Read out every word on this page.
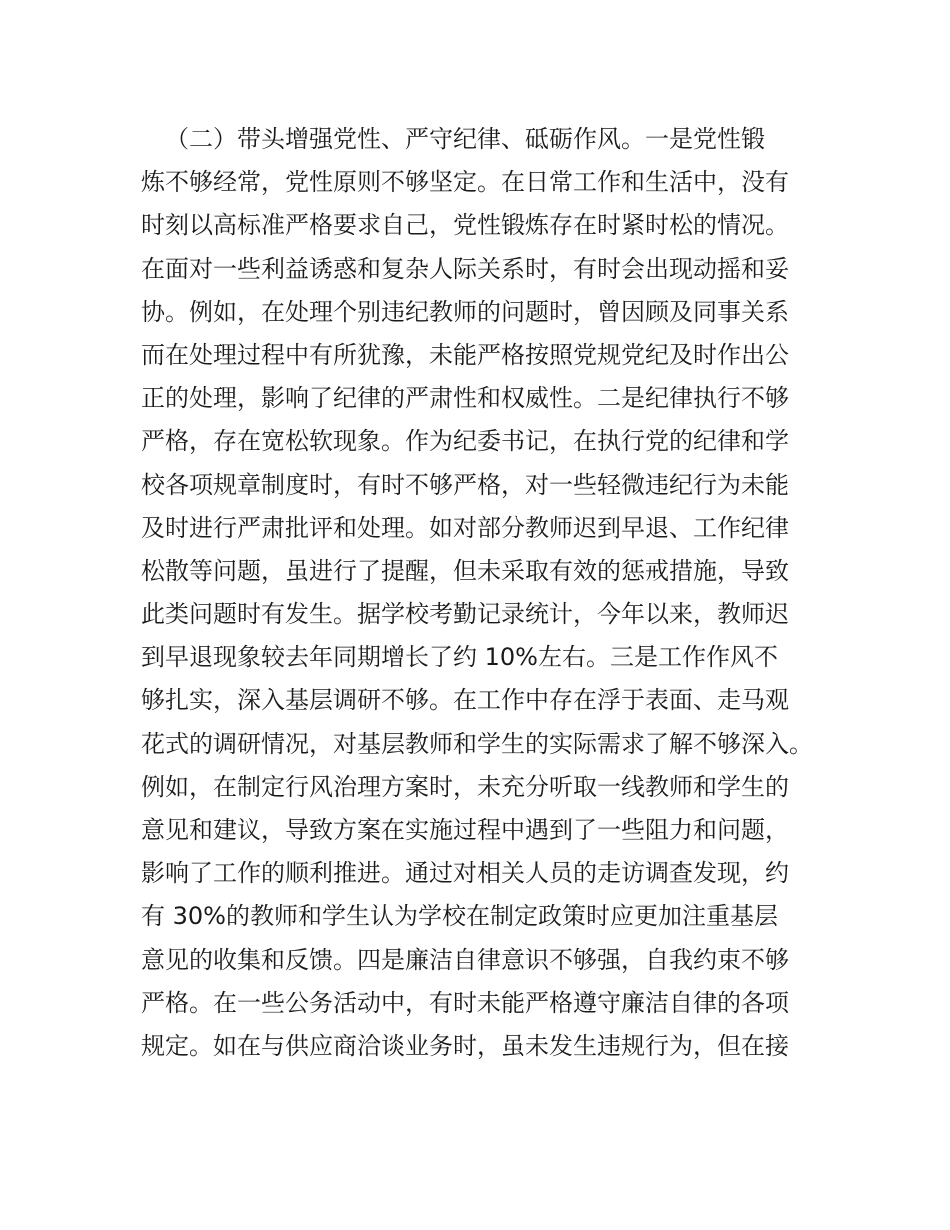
（二）带头增强党性、严守纪律、砥砺作风。一是党性锻
炼不够经常，党性原则不够坚定。在日常工作和生活中，没有
时刻以高标准严格要求自己，党性锻炼存在时紧时松的情况。
在面对一些利益诱惑和复杂人际关系时，有时会出现动摇和妥
协。例如，在处理个别违纪教师的问题时，曾因顾及同事关系
而在处理过程中有所犹豫，未能严格按照党规党纪及时作出公
正的处理，影响了纪律的严肃性和权威性。二是纪律执行不够
严格，存在宽松软现象。作为纪委书记，在执行党的纪律和学
校各项规章制度时，有时不够严格，对一些轻微违纪行为未能
及时进行严肃批评和处理。如对部分教师迟到早退、工作纪律
松散等问题，虽进行了提醒，但未采取有效的惩戒措施，导致
此类问题时有发生。据学校考勤记录统计，今年以来，教师迟
到早退现象较去年同期增长了约 10%左右。三是工作作风不
够扎实，深入基层调研不够。在工作中存在浮于表面、走马观
花式的调研情况，对基层教师和学生的实际需求了解不够深入。
例如，在制定行风治理方案时，未充分听取一线教师和学生的
意见和建议，导致方案在实施过程中遇到了一些阻力和问题，
影响了工作的顺利推进。通过对相关人员的走访调查发现，约
有 30%的教师和学生认为学校在制定政策时应更加注重基层
意见的收集和反馈。四是廉洁自律意识不够强，自我约束不够
严格。在一些公务活动中，有时未能严格遵守廉洁自律的各项
规定。如在与供应商洽谈业务时，虽未发生违规行为，但在接
